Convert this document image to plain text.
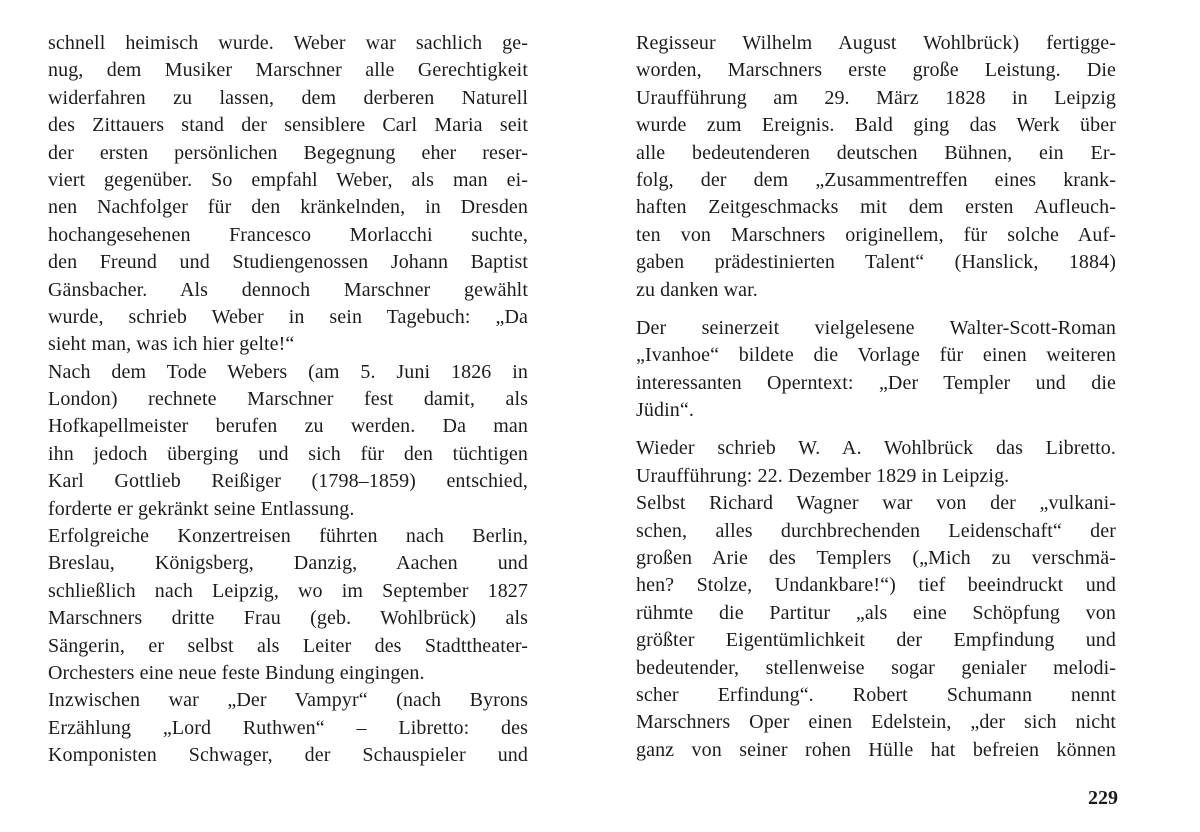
schnell heimisch wurde. Weber war sachlich ge-
nug, dem Musiker Marschner alle Gerechtigkeit
widerfahren zu lassen, dem derberen Naturell
des Zittauers stand der sensiblere Carl Maria seit
der ersten persönlichen Begegnung eher reser-
viert gegenüber. So empfahl Weber, als man ei-
nen Nachfolger für den kränkelnden, in Dresden
hochangesehenen Francesco Morlacchi suchte,
den Freund und Studiengenossen Johann Baptist
Gänsbacher. Als dennoch Marschner gewählt
wurde, schrieb Weber in sein Tagebuch: „Da
sieht man, was ich hier gelte!“
Nach dem Tode Webers (am 5. Juni 1826 in
London) rechnete Marschner fest damit, als
Hofkapellmeister berufen zu werden. Da man
ihn jedoch überging und sich für den tüchtigen
Karl Gottlieb Reißiger (1798–1859) entschied,
forderte er gekränkt seine Entlassung.
Erfolgreiche Konzertreisen führten nach Berlin,
Breslau, Königsberg, Danzig, Aachen und
schließlich nach Leipzig, wo im September 1827
Marschners dritte Frau (geb. Wohlbrück) als
Sängerin, er selbst als Leiter des Stadttheater-
Orchesters eine neue feste Bindung eingingen.
Inzwischen war „Der Vampyr“ (nach Byrons
Erzählung „Lord Ruthwen“ – Libretto: des
Komponisten Schwager, der Schauspieler und
Regisseur Wilhelm August Wohlbrück) fertigge-
worden, Marschners erste große Leistung. Die
Uraufführung am 29. März 1828 in Leipzig
wurde zum Ereignis. Bald ging das Werk über
alle bedeutenderen deutschen Bühnen, ein Er-
folg, der dem „Zusammentreffen eines krank-
haften Zeitgeschmacks mit dem ersten Aufleuch-
ten von Marschners originellem, für solche Auf-
gaben prädestinierten Talent“ (Hanslick, 1884)
zu danken war.
Der seinerzeit vielgelesene Walter-Scott-Roman
„Ivanhoe“ bildete die Vorlage für einen weiteren
interessanten Operntext: „Der Templer und die
Jüdin“.
Wieder schrieb W. A. Wohlbrück das Libretto.
Uraufführung: 22. Dezember 1829 in Leipzig.
Selbst Richard Wagner war von der „vulkani-
schen, alles durchbrechenden Leidenschaft“ der
großen Arie des Templers („Mich zu verschmä-
hen? Stolze, Undankbare!“) tief beeindruckt und
rühmte die Partitur „als eine Schöpfung von
größter Eigentümlichkeit der Empfindung und
bedeutender, stellenweise sogar genialer melodi-
scher Erfindung“. Robert Schumann nennt
Marschners Oper einen Edelstein, „der sich nicht
ganz von seiner rohen Hülle hat befreien können
229
